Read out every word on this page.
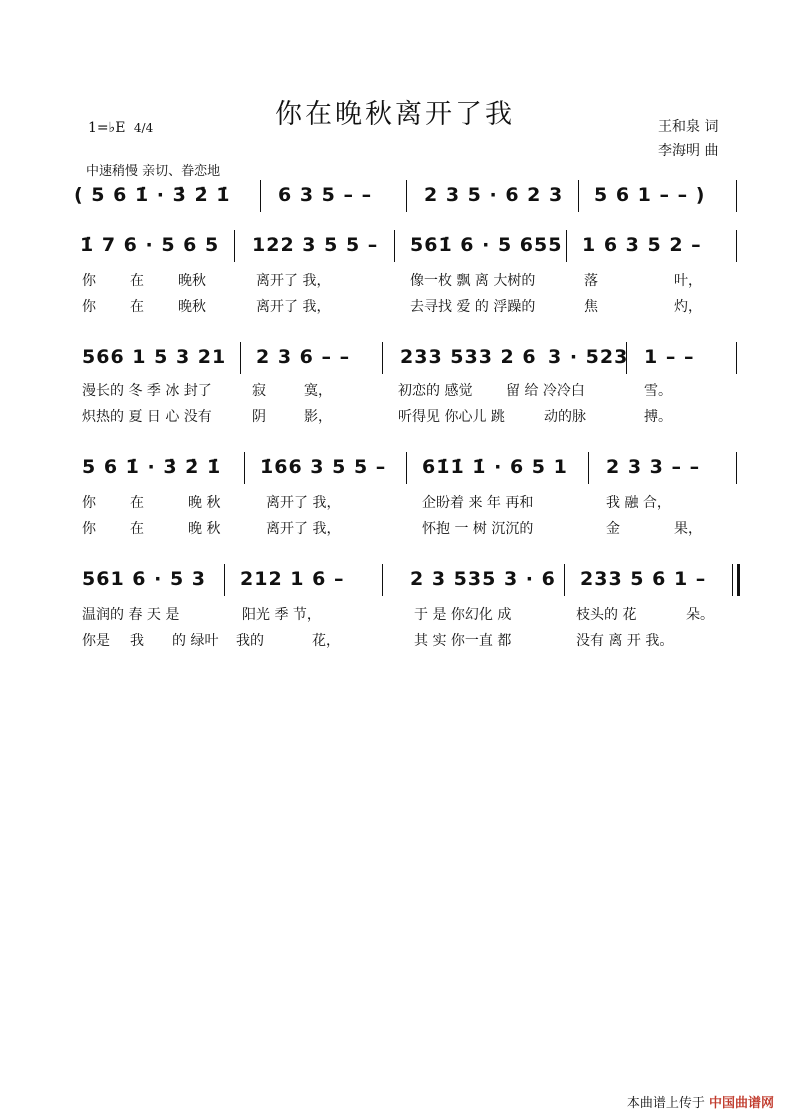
你在晚秋离开了我	王和泉 词
李海明 曲
1=♭E 4/4
中速稍慢 亲切、眷恋地
( 5 6 1̇ · 3̇ 2̇ 1̇ 6 3 5 – –	2 3 5 · 6 2 3 5 6 1 – – )
1̇ 7 6 · 5 6 5 122 3 5 5 – 561̇ 6 · 5 655 1 6 3 5 2 –
566 1 5 3 21 2 3 6 – –	233 533 2 6 3 · 523 1 – –
5 6 1̇ · 3̇ 2̇ 1̇ 1̇66 3 5 5 – 61̇1̇ 1̇ · 6 5 1 2 3 3 – –
561 6 · 5 3 212 1 6 –	2 3 535 3 · 6 233 5 6 1 –
你 在 晚秋	离开了 我，	像一枚 飘 离 大树的	落	叶，
你 在 晚秋	离开了 我，	去寻找 爱 的 浮躁的	焦	灼，
漫长的 冬 季 冰 封了	寂	寞，	初恋的 感觉 留 给 冷冷白	雪。
炽热的 夏 日 心 没有	阴	影，	听得见 你心儿 跳	动的脉	搏。
你 在	晚 秋	离开了 我，	企盼着 来 年 再和	我 融 合，
你 在	晚 秋	离开了 我，	怀抱 一 树 沉沉的	金	果，
温润的 春 天 是	阳光 季 节，	于 是 你幻化 成	枝头的 花	朵。
你是 我 的 绿叶 我的	花，	其 实 你一直 都	没有 离 开 我。
本曲谱上传于 中国曲谱网
